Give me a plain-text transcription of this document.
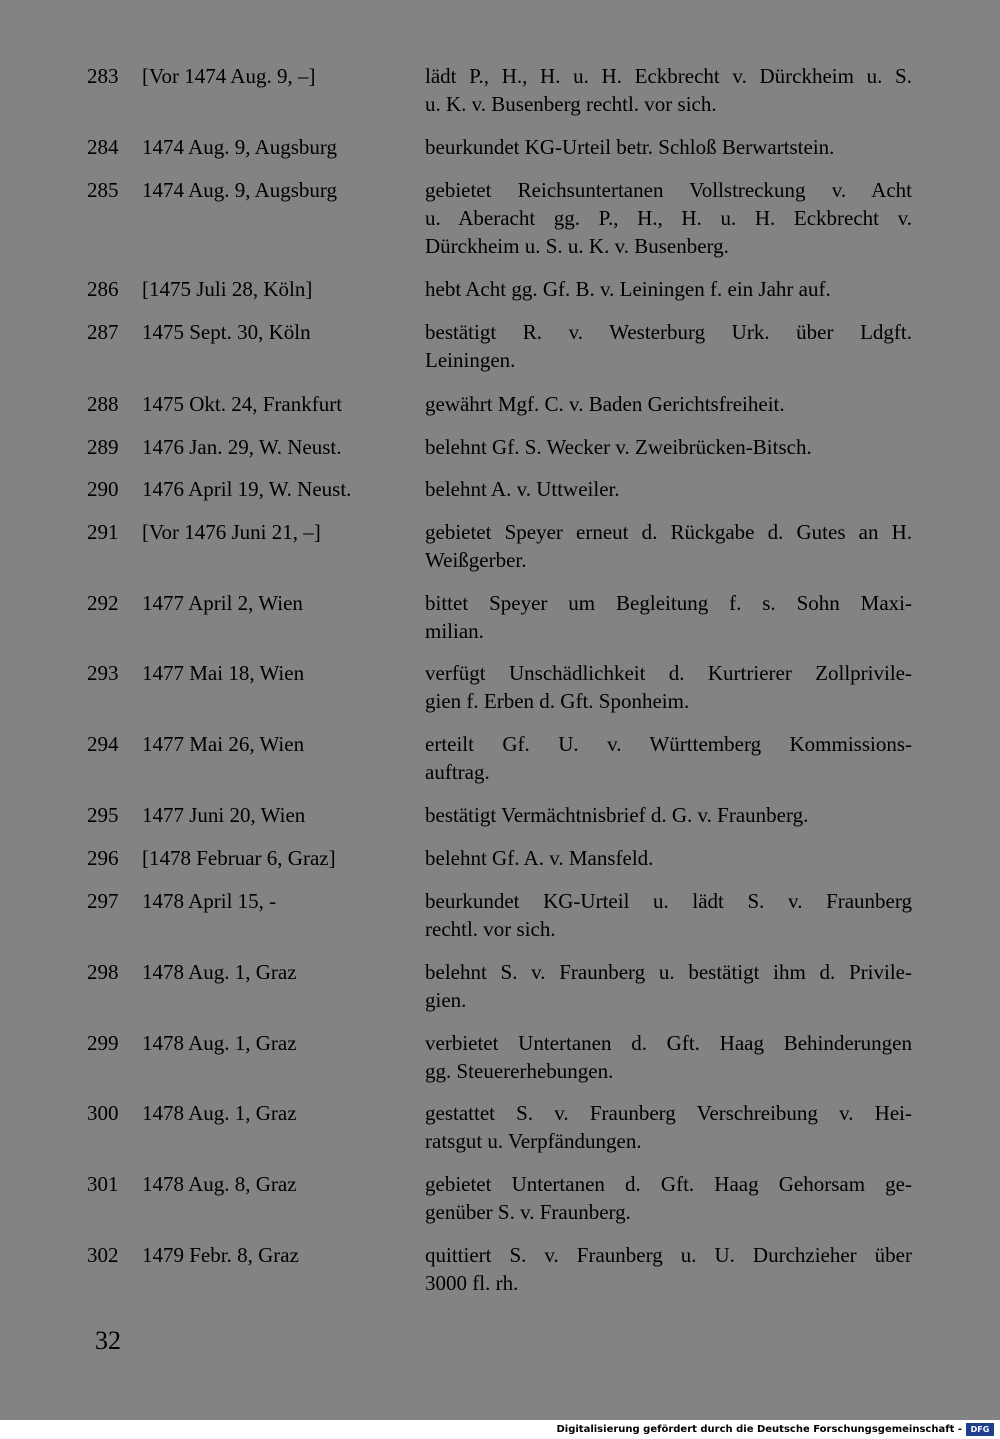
283	[Vor 1474 Aug. 9, –]	lädt P., H., H. u. H. Eckbrecht v. Dürckheim u. S.
u. K. v. Busenberg rechtl. vor sich.
284	1474 Aug. 9, Augsburg	beurkundet KG-Urteil betr. Schloß Berwartstein.
285	1474 Aug. 9, Augsburg	gebietet Reichsuntertanen Vollstreckung v. Acht
u. Aberacht gg. P., H., H. u. H. Eckbrecht v.
Dürckheim u. S. u. K. v. Busenberg.
286	[1475 Juli 28, Köln]	hebt Acht gg. Gf. B. v. Leiningen f. ein Jahr auf.
287	1475 Sept. 30, Köln	bestätigt R. v. Westerburg Urk. über Ldgft.
Leiningen.
288	1475 Okt. 24, Frankfurt	gewährt Mgf. C. v. Baden Gerichtsfreiheit.
289	1476 Jan. 29, W. Neust.	belehnt Gf. S. Wecker v. Zweibrücken-Bitsch.
290	1476 April 19, W. Neust.	belehnt A. v. Uttweiler.
291	[Vor 1476 Juni 21, –]	gebietet Speyer erneut d. Rückgabe d. Gutes an H.
Weißgerber.
292	1477 April 2, Wien	bittet Speyer um Begleitung f. s. Sohn Maxi-
milian.
293	1477 Mai 18, Wien	verfügt Unschädlichkeit d. Kurtrierer Zollprivile-
gien f. Erben d. Gft. Sponheim.
294	1477 Mai 26, Wien	erteilt Gf. U. v. Württemberg Kommissions-
auftrag.
295	1477 Juni 20, Wien	bestätigt Vermächtnisbrief d. G. v. Fraunberg.
296	[1478 Februar 6, Graz]	belehnt Gf. A. v. Mansfeld.
297	1478 April 15, -	beurkundet KG-Urteil u. lädt S. v. Fraunberg
rechtl. vor sich.
298	1478 Aug. 1, Graz	belehnt S. v. Fraunberg u. bestätigt ihm d. Privile-
gien.
299	1478 Aug. 1, Graz	verbietet Untertanen d. Gft. Haag Behinderungen
gg. Steuererhebungen.
300	1478 Aug. 1, Graz	gestattet S. v. Fraunberg Verschreibung v. Hei-
ratsgut u. Verpfändungen.
301	1478 Aug. 8, Graz	gebietet Untertanen d. Gft. Haag Gehorsam ge-
genüber S. v. Fraunberg.
302	1479 Febr. 8, Graz	quittiert S. v. Fraunberg u. U. Durchzieher über
3000 fl. rh.
32
Digitalisierung gefördert durch die Deutsche Forschungsgemeinschaft -	DFG
